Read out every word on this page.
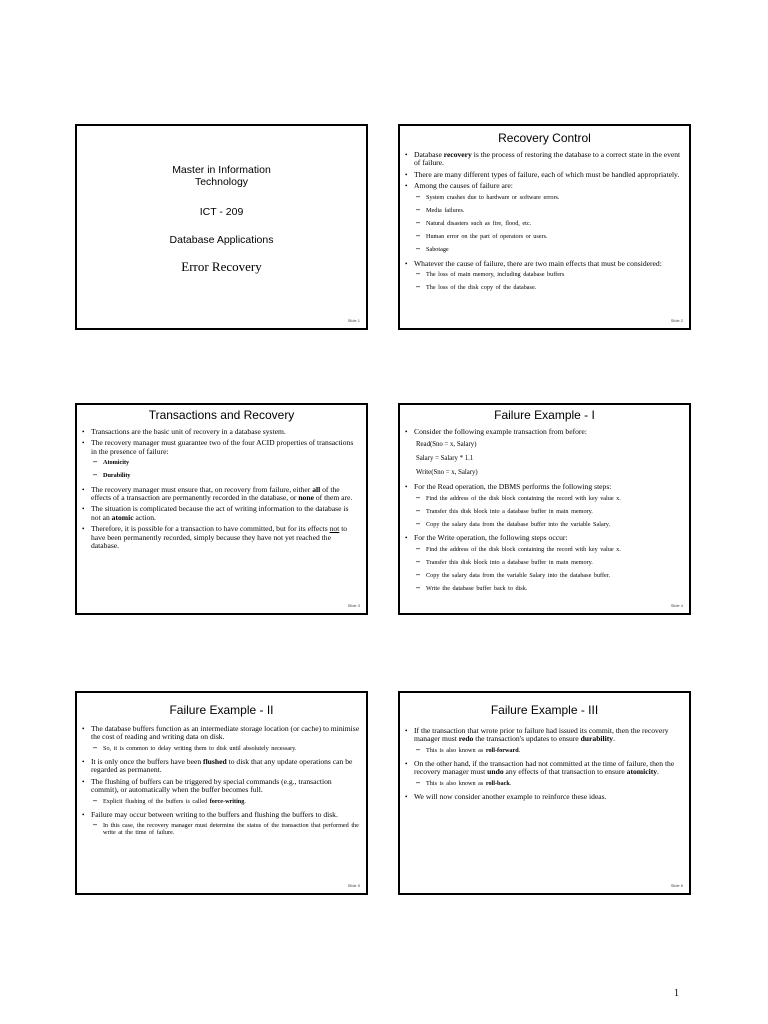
Master in Information
Technology
ICT - 209
Database Applications
Error Recovery
Slide 1
Recovery Control
• Database recovery is the process of restoring the database to a correct state in the event of failure.
• There are many different types of failure, each of which must be handled appropriately.
• Among the causes of failure are:
– System crashes due to hardware or software errors.
– Media failures.
– Natural disasters such as fire, flood, etc.
– Human error on the part of operators or users.
– Sabotage
• Whatever the cause of failure, there are two main effects that must be considered:
– The loss of main memory, including database buffers
– The loss of the disk copy of the database.
Slide 2
Transactions and Recovery
• Transactions are the basic unit of recovery in a database system.
• The recovery manager must guarantee two of the four ACID properties of transactions in the presence of failure:
– Atomicity
– Durability
• The recovery manager must ensure that, on recovery from failure, either all of the effects of a transaction are permanently recorded in the database, or none of them are.
• The situation is complicated because the act of writing information to the database is not an atomic action.
• Therefore, it is possible for a transaction to have committed, but for its effects not to have been permanently recorded, simply because they have not yet reached the database.
Slide 3
Failure Example - I
• Consider the following example transaction from before:
Read(Sno = x, Salary)
Salary = Salary * 1.1
Write(Sno = x, Salary)
• For the Read operation, the DBMS performs the following steps:
– Find the address of the disk block containing the record with key value x.
– Transfer this disk block into a database buffer in main memory.
– Copy the salary data from the database buffer into the variable Salary.
• For the Write operation, the following steps occur:
– Find the address of the disk block containing the record with key value x.
– Transfer this disk block into a database buffer in main memory.
– Copy the salary data from the variable Salary into the database buffer.
– Write the database buffer back to disk.
Slide 4
Failure Example - II
• The database buffers function as an intermediate storage location (or cache) to minimise the cost of reading and writing data on disk.
– So, it is common to delay writing them to disk until absolutely necessary.
• It is only once the buffers have been flushed to disk that any update operations can be regarded as permanent.
• The flushing of buffers can be triggered by special commands (e.g., transaction commit), or automatically when the buffer becomes full.
– Explicit flushing of the buffers is called force-writing.
• Failure may occur between writing to the buffers and flushing the buffers to disk.
– In this case, the recovery manager must determine the status of the transaction that performed the write at the time of failure.
Slide 5
Failure Example - III
• If the transaction that wrote prior to failure had issued its commit, then the recovery manager must redo the transaction's updates to ensure durability.
– This is also known as roll-forward.
• On the other hand, if the transaction had not committed at the time of failure, then the recovery manager must undo any effects of that transaction to ensure atomicity.
– This is also known as roll-back.
• We will now consider another example to reinforce these ideas.
Slide 6
1
